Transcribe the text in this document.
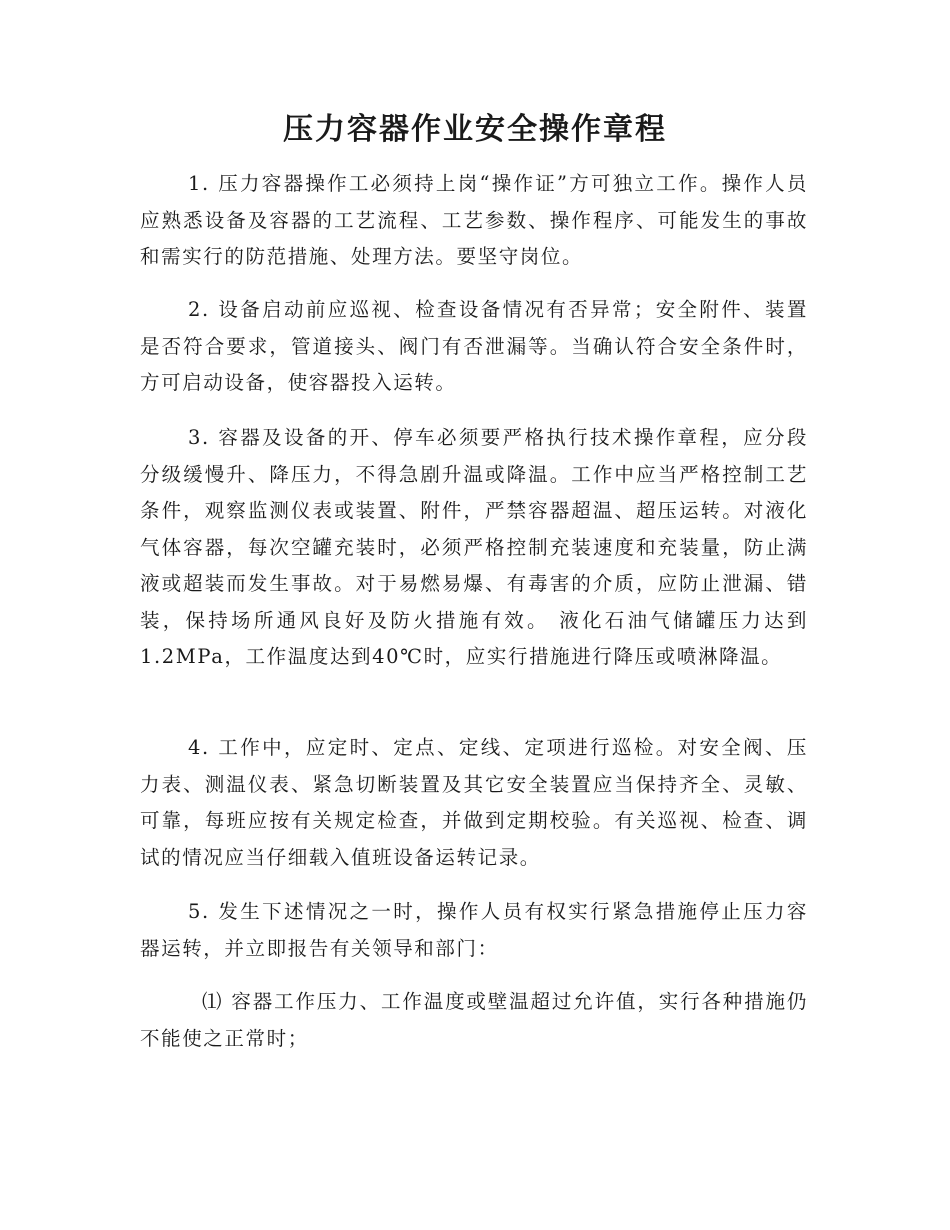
压力容器作业安全操作章程

1. 压力容器操作工必须持上岗“操作证”方可独立工作。操作人员应熟悉设备及容器的工艺流程、工艺参数、操作程序、可能发生的事故和需实行的防范措施、处理方法。要坚守岗位。

2. 设备启动前应巡视、检查设备情况有否异常；安全附件、装置是否符合要求，管道接头、阀门有否泄漏等。当确认符合安全条件时，方可启动设备，使容器投入运转。

3. 容器及设备的开、停车必须要严格执行技术操作章程，应分段分级缓慢升、降压力，不得急剧升温或降温。工作中应当严格控制工艺条件，观察监测仪表或装置、附件，严禁容器超温、超压运转。对液化气体容器，每次空罐充装时，必须严格控制充装速度和充装量，防止满液或超装而发生事故。对于易燃易爆、有毒害的介质，应防止泄漏、错装，保持场所通风良好及防火措施有效。 液化石油气储罐压力达到1.2MPa，工作温度达到40℃时，应实行措施进行降压或喷淋降温。

4. 工作中，应定时、定点、定线、定项进行巡检。对安全阀、压力表、测温仪表、紧急切断装置及其它安全装置应当保持齐全、灵敏、可靠，每班应按有关规定检查，并做到定期校验。有关巡视、检查、调试的情况应当仔细载入值班设备运转记录。

5. 发生下述情况之一时，操作人员有权实行紧急措施停止压力容器运转，并立即报告有关领导和部门：

⑴ 容器工作压力、工作温度或壁温超过允许值，实行各种措施仍不能使之正常时；
